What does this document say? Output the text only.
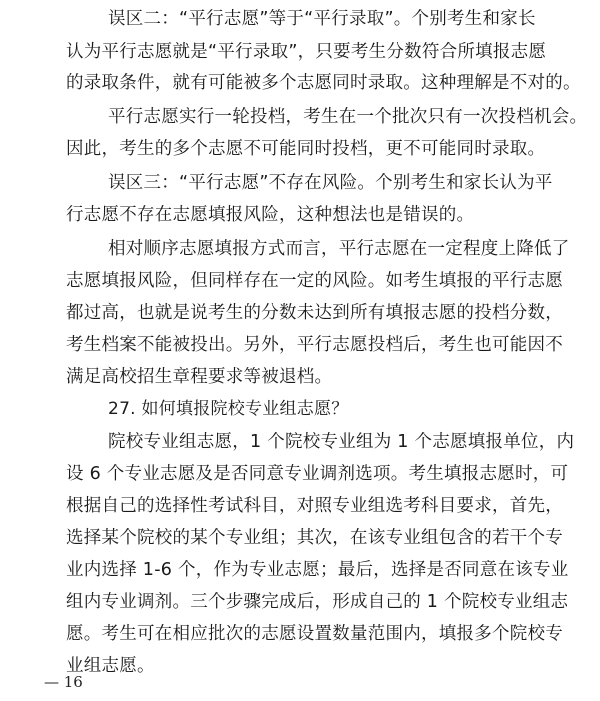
误区二：“平行志愿”等于“平行录取”。个别考生和家长
认为平行志愿就是“平行录取”，只要考生分数符合所填报志愿
的录取条件，就有可能被多个志愿同时录取。这种理解是不对的。
平行志愿实行一轮投档，考生在一个批次只有一次投档机会。
因此，考生的多个志愿不可能同时投档，更不可能同时录取。
误区三：“平行志愿”不存在风险。个别考生和家长认为平
行志愿不存在志愿填报风险，这种想法也是错误的。
相对顺序志愿填报方式而言，平行志愿在一定程度上降低了
志愿填报风险，但同样存在一定的风险。如考生填报的平行志愿
都过高，也就是说考生的分数未达到所有填报志愿的投档分数，
考生档案不能被投出。另外，平行志愿投档后，考生也可能因不
满足高校招生章程要求等被退档。
27. 如何填报院校专业组志愿？
院校专业组志愿，1 个院校专业组为 1 个志愿填报单位，内
设 6 个专业志愿及是否同意专业调剂选项。考生填报志愿时，可
根据自己的选择性考试科目，对照专业组选考科目要求，首先，
选择某个院校的某个专业组；其次，在该专业组包含的若干个专
业内选择 1-6 个，作为专业志愿；最后，选择是否同意在该专业
组内专业调剂。三个步骤完成后，形成自己的 1 个院校专业组志
愿。考生可在相应批次的志愿设置数量范围内，填报多个院校专
业组志愿。
— 16
